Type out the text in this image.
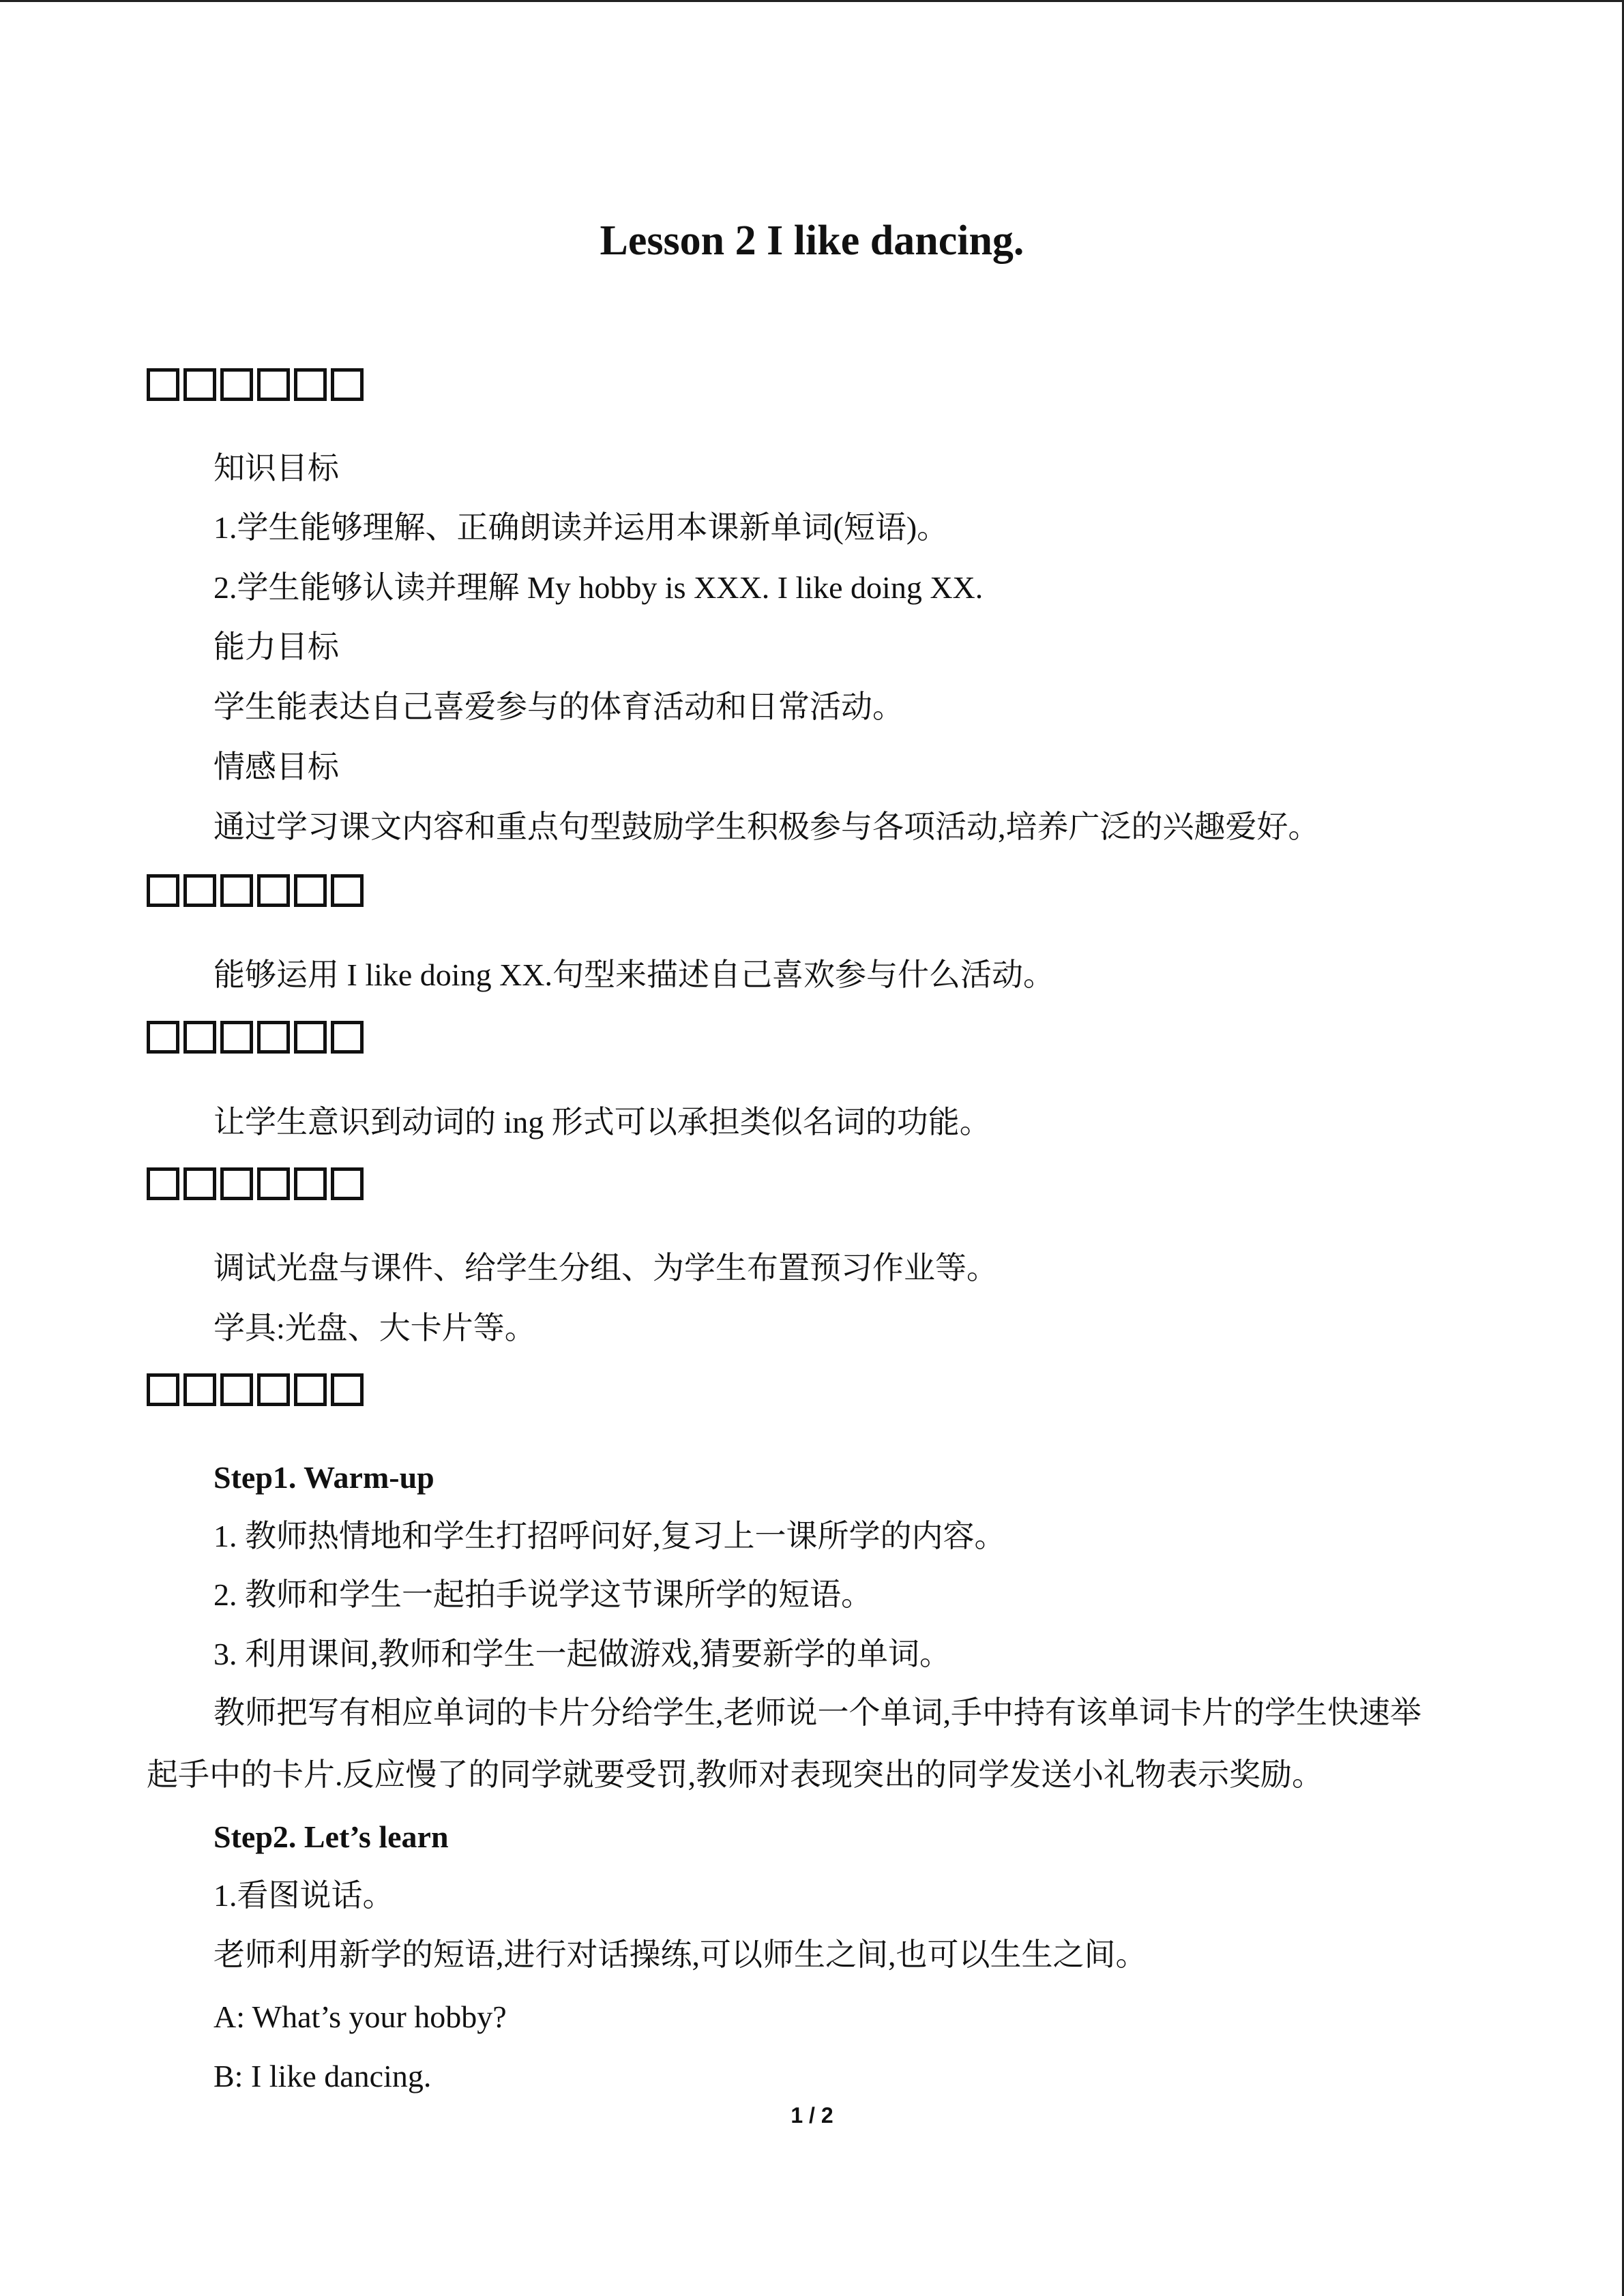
Lesson 2 I like dancing.
知识目标
1.学生能够理解、正确朗读并运用本课新单词(短语)。
2.学生能够认读并理解 My hobby is XXX. I like doing XX.
能力目标
学生能表达自己喜爱参与的体育活动和日常活动。
情感目标
通过学习课文内容和重点句型鼓励学生积极参与各项活动,培养广泛的兴趣爱好。
能够运用 I like doing XX.句型来描述自己喜欢参与什么活动。
让学生意识到动词的 ing 形式可以承担类似名词的功能。
调试光盘与课件、给学生分组、为学生布置预习作业等。
学具:光盘、大卡片等。
Step1. Warm-up
1. 教师热情地和学生打招呼问好,复习上一课所学的内容。
2. 教师和学生一起拍手说学这节课所学的短语。
3. 利用课间,教师和学生一起做游戏,猜要新学的单词。
教师把写有相应单词的卡片分给学生,老师说一个单词,手中持有该单词卡片的学生快速举
起手中的卡片.反应慢了的同学就要受罚,教师对表现突出的同学发送小礼物表示奖励。
Step2. Let’s learn
1.看图说话。
老师利用新学的短语,进行对话操练,可以师生之间,也可以生生之间。
A: What’s your hobby?
B: I like dancing.
1 / 2
